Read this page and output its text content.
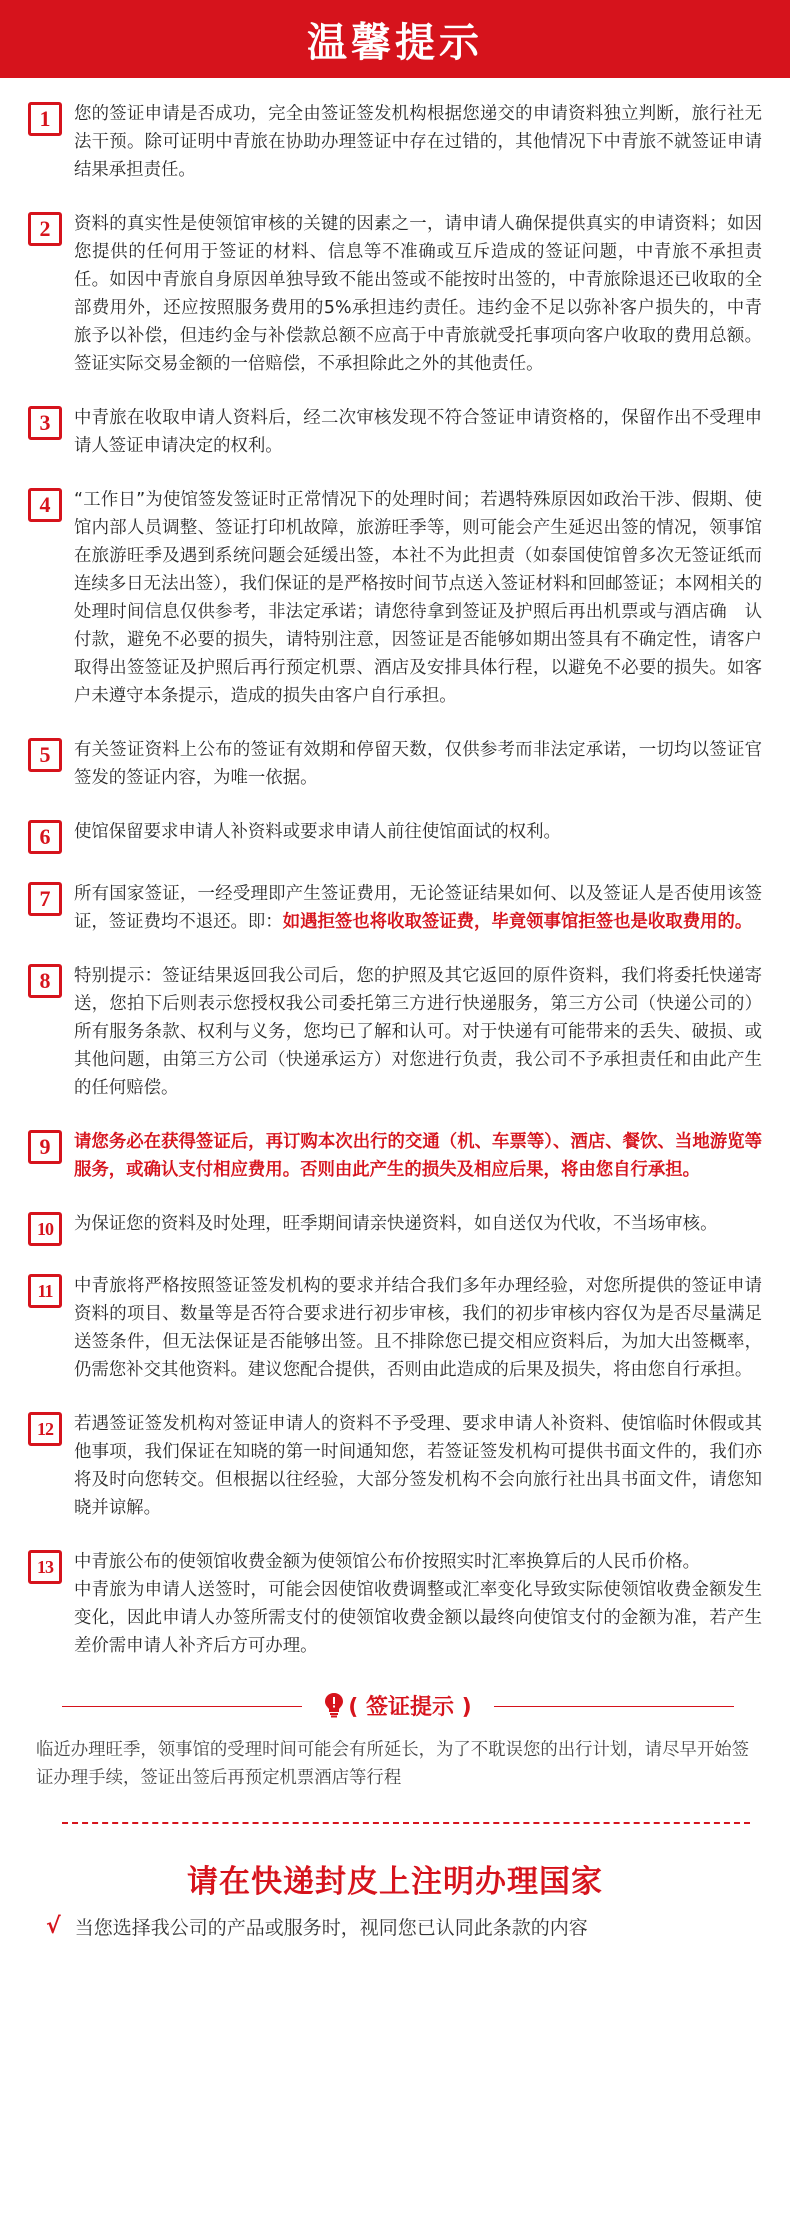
温馨提示
1	您的签证申请是否成功，完全由签证签发机构根据您递交的申请资料独立判断，旅行社无法干预。除可证明中青旅在协助办理签证中存在过错的，其他情况下中青旅不就签证申请结果承担责任。
2	资料的真实性是使领馆审核的关键的因素之一，请申请人确保提供真实的申请资料；如因您提供的任何用于签证的材料、信息等不准确或互斥造成的签证问题，中青旅不承担责任。如因中青旅自身原因单独导致不能出签或不能按时出签的，中青旅除退还已收取的全部费用外，还应按照服务费用的5%承担违约责任。违约金不足以弥补客户损失的，中青旅予以补偿，但违约金与补偿款总额不应高于中青旅就受托事项向客户收取的费用总额。签证实际交易金额的一倍赔偿，不承担除此之外的其他责任。
3	中青旅在收取申请人资料后，经二次审核发现不符合签证申请资格的，保留作出不受理申请人签证申请决定的权利。
4	“工作日”为使馆签发签证时正常情况下的处理时间；若遇特殊原因如政治干涉、假期、使馆内部人员调整、签证打印机故障，旅游旺季等，则可能会产生延迟出签的情况，领事馆在旅游旺季及遇到系统问题会延缓出签，本社不为此担责（如泰国使馆曾多次无签证纸而连续多日无法出签），我们保证的是严格按时间节点送入签证材料和回邮签证；本网相关的处理时间信息仅供参考，非法定承诺；请您待拿到签证及护照后再出机票或与酒店确　认付款，避免不必要的损失，请特别注意，因签证是否能够如期出签具有不确定性，请客户取得出签签证及护照后再行预定机票、酒店及安排具体行程，以避免不必要的损失。如客户未遵守本条提示，造成的损失由客户自行承担。
5	有关签证资料上公布的签证有效期和停留天数，仅供参考而非法定承诺，一切均以签证官签发的签证内容，为唯一依据。
6	使馆保留要求申请人补资料或要求申请人前往使馆面试的权利。
7	所有国家签证，一经受理即产生签证费用，无论签证结果如何、以及签证人是否使用该签证，签证费均不退还。即：如遇拒签也将收取签证费，毕竟领事馆拒签也是收取费用的。
8	特别提示：签证结果返回我公司后，您的护照及其它返回的原件资料，我们将委托快递寄送，您拍下后则表示您授权我公司委托第三方进行快递服务，第三方公司（快递公司的）所有服务条款、权利与义务，您均已了解和认可。对于快递有可能带来的丢失、破损、或其他问题，由第三方公司（快递承运方）对您进行负责，我公司不予承担责任和由此产生的任何赔偿。
9	请您务必在获得签证后，再订购本次出行的交通（机、车票等）、酒店、餐饮、当地游览等服务，或确认支付相应费用。否则由此产生的损失及相应后果，将由您自行承担。
10	为保证您的资料及时处理，旺季期间请亲快递资料，如自送仅为代收，不当场审核。
11	中青旅将严格按照签证签发机构的要求并结合我们多年办理经验，对您所提供的签证申请资料的项目、数量等是否符合要求进行初步审核，我们的初步审核内容仅为是否尽量满足送签条件，但无法保证是否能够出签。且不排除您已提交相应资料后，为加大出签概率，仍需您补交其他资料。建议您配合提供，否则由此造成的后果及损失，将由您自行承担。
12	若遇签证签发机构对签证申请人的资料不予受理、要求申请人补资料、使馆临时休假或其他事项，我们保证在知晓的第一时间通知您，若签证签发机构可提供书面文件的，我们亦将及时向您转交。但根据以往经验，大部分签发机构不会向旅行社出具书面文件，请您知晓并谅解。
13	中青旅公布的使领馆收费金额为使领馆公布价按照实时汇率换算后的人民币价格。
中青旅为申请人送签时，可能会因使馆收费调整或汇率变化导致实际使领馆收费金额发生变化，因此申请人办签所需支付的使领馆收费金额以最终向使馆支付的金额为准，若产生差价需申请人补齐后方可办理。
( 签证提示 )
临近办理旺季，领事馆的受理时间可能会有所延长，为了不耽误您的出行计划，请尽早开始签证办理手续，签证出签后再预定机票酒店等行程
请在快递封皮上注明办理国家
√ 当您选择我公司的产品或服务时，视同您已认同此条款的内容
